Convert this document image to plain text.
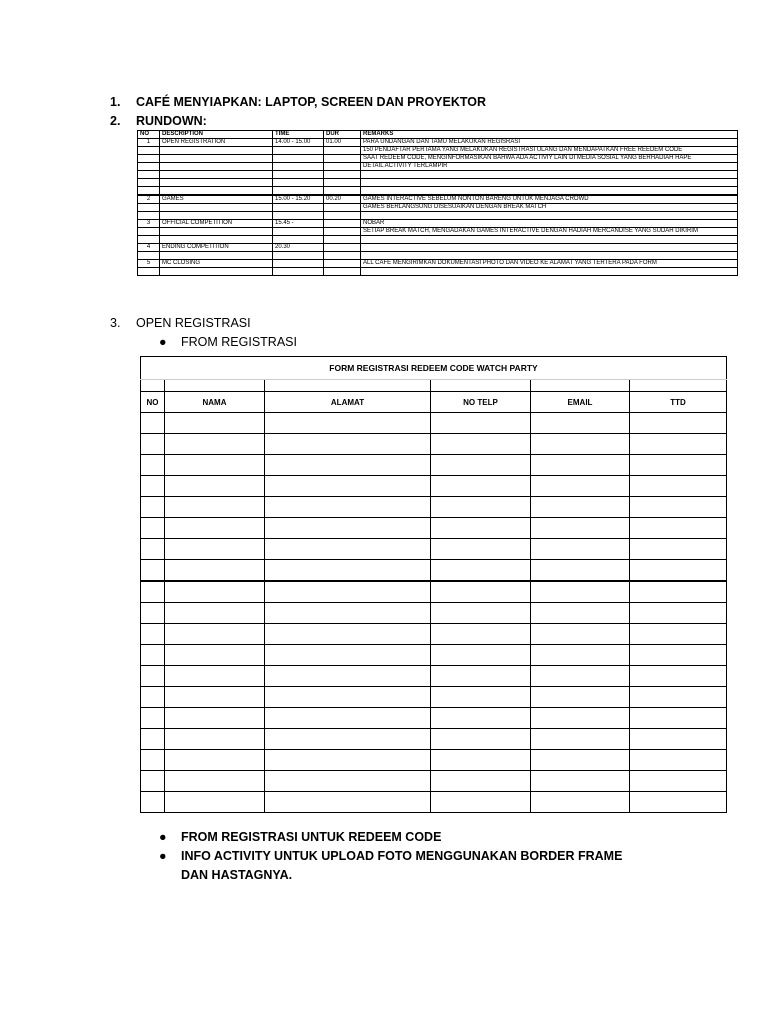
1. CAFÉ MENYIAPKAN: LAPTOP, SCREEN DAN PROYEKTOR
2. RUNDOWN:
NO	DESCRIPTION	TIME	DUR	REMARKS
1	OPEN REGISTRATION	14.00 - 15.00	01.00	PARA UNDANGAN DAN TAMU MELAKUKAN REGISRASI
				150 PENDAFTAR PERTAMA YANG MELAKUKAN REGISTRASI ULANG DAN MENDAPATKAN FREE REEDEM CODE
				SAAT REDEEM CODE, MENGINFORMASIKAN BAHWA ADA ACTIVIY LAIN DI MEDIA SOSIAL YANG BERHADIAH HAPE
				DETAIL ACTIVITY TERLAMPIR

2	GAMES	15.00 - 15.20	00.20	GAMES INTERACTIVE SEBELUM NONTON BARENG UNTUK MENJAGA CROWD
				GAMES BERLANGSUNG DISESUAIKAN DENGAN BREAK MATCH

3	OFFICIAL COMPETITION	15.45 -		NOBAR
				SETIAP BREAK MATCH, MENGADAKAN GAMES INTERACTIVE DENGAN HADIAH MERCANDISE YANG SUDAH DIKIRIM

4	ENDING COMPETITION	20.30		

5	MC CLOSING			ALL CAFE MENGIRIMKAN DOKUMENTASI PHOTO DAN VIDEO KE ALAMAT YANG TERTERA PADA FORM

3. OPEN REGISTRASI
● FROM REGISTRASI
FORM REGISTRASI REDEEM CODE WATCH PARTY					

NO	NAMA	ALAMAT	NO TELP	EMAIL	TTD

● FROM REGISTRASI UNTUK REDEEM CODE
● INFO ACTIVITY UNTUK UPLOAD FOTO MENGGUNAKAN BORDER FRAME DAN HASTAGNYA.
